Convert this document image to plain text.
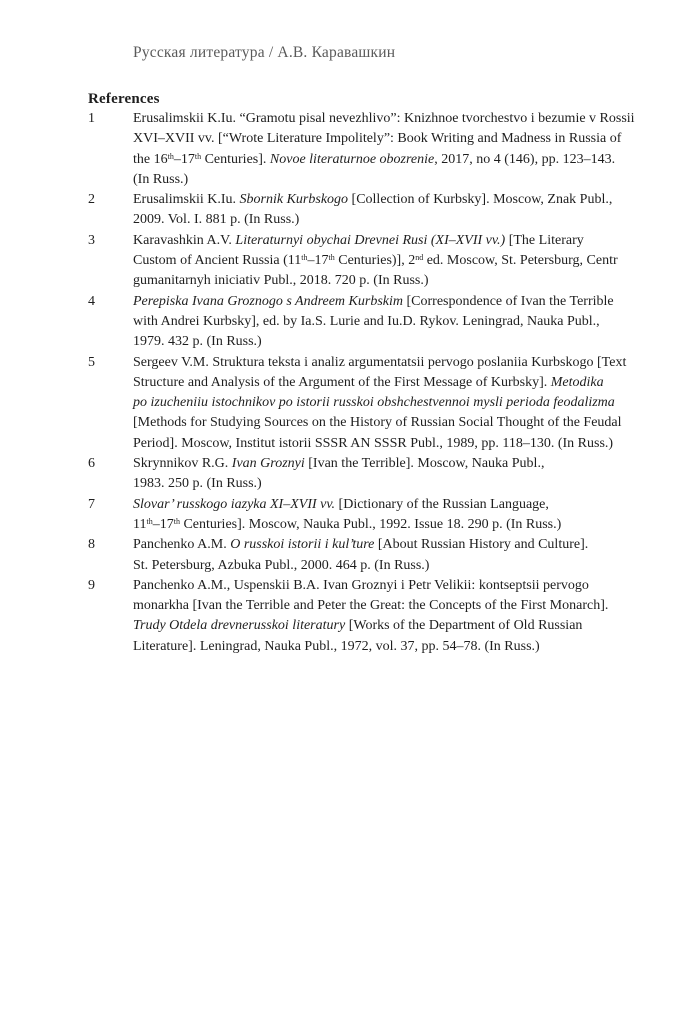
Русская литература / А.В. Каравашкин
References
1	Erusalimskii K.Iu. “Gramotu pisal nevezhlivo”: Knizhnoe tvorchestvo i bezumie v Rossii
XVI–XVII vv. [“Wrote Literature Impolitely”: Book Writing and Madness in Russia of
the 16th–17th Centuries]. Novoe literaturnoe obozrenie, 2017, no 4 (146), pp. 123–143.
(In Russ.)
2	Erusalimskii K.Iu. Sbornik Kurbskogo [Collection of Kurbsky]. Moscow, Znak Publ.,
2009. Vol. I. 881 p. (In Russ.)
3	Karavashkin A.V. Literaturnyi obychai Drevnei Rusi (XI–XVII vv.) [The Literary
Custom of Ancient Russia (11th–17th Centuries)], 2nd ed. Moscow, St. Petersburg, Centr
gumanitarnyh iniciativ Publ., 2018. 720 p. (In Russ.)
4	Perepiska Ivana Groznogo s Andreem Kurbskim [Correspondence of Ivan the Terrible
with Andrei Kurbsky], ed. by Ia.S. Lurie and Iu.D. Rykov. Leningrad, Nauka Publ.,
1979. 432 p. (In Russ.)
5	Sergeev V.M. Struktura teksta i analiz argumentatsii pervogo poslaniia Kurbskogo [Text
Structure and Analysis of the Argument of the First Message of Kurbsky]. Metodika
po izucheniiu istochnikov po istorii russkoi obshchestvennoi mysli perioda feodalizma
[Methods for Studying Sources on the History of Russian Social Thought of the Feudal
Period]. Moscow, Institut istorii SSSR AN SSSR Publ., 1989, pp. 118–130. (In Russ.)
6	Skrynnikov R.G. Ivan Groznyi [Ivan the Terrible]. Moscow, Nauka Publ.,
1983. 250 p. (In Russ.)
7	Slovar’ russkogo iazyka XI–XVII vv. [Dictionary of the Russian Language,
11th–17th Centuries]. Moscow, Nauka Publ., 1992. Issue 18. 290 p. (In Russ.)
8	Panchenko A.M. O russkoi istorii i kul’ture [About Russian History and Culture].
St. Petersburg, Azbuka Publ., 2000. 464 p. (In Russ.)
9	Panchenko A.M., Uspenskii B.A. Ivan Groznyi i Petr Velikii: kontseptsii pervogo
monarkha [Ivan the Terrible and Peter the Great: the Concepts of the First Monarch].
Trudy Otdela drevnerusskoi literatury [Works of the Department of Old Russian
Literature]. Leningrad, Nauka Publ., 1972, vol. 37, pp. 54–78. (In Russ.)
